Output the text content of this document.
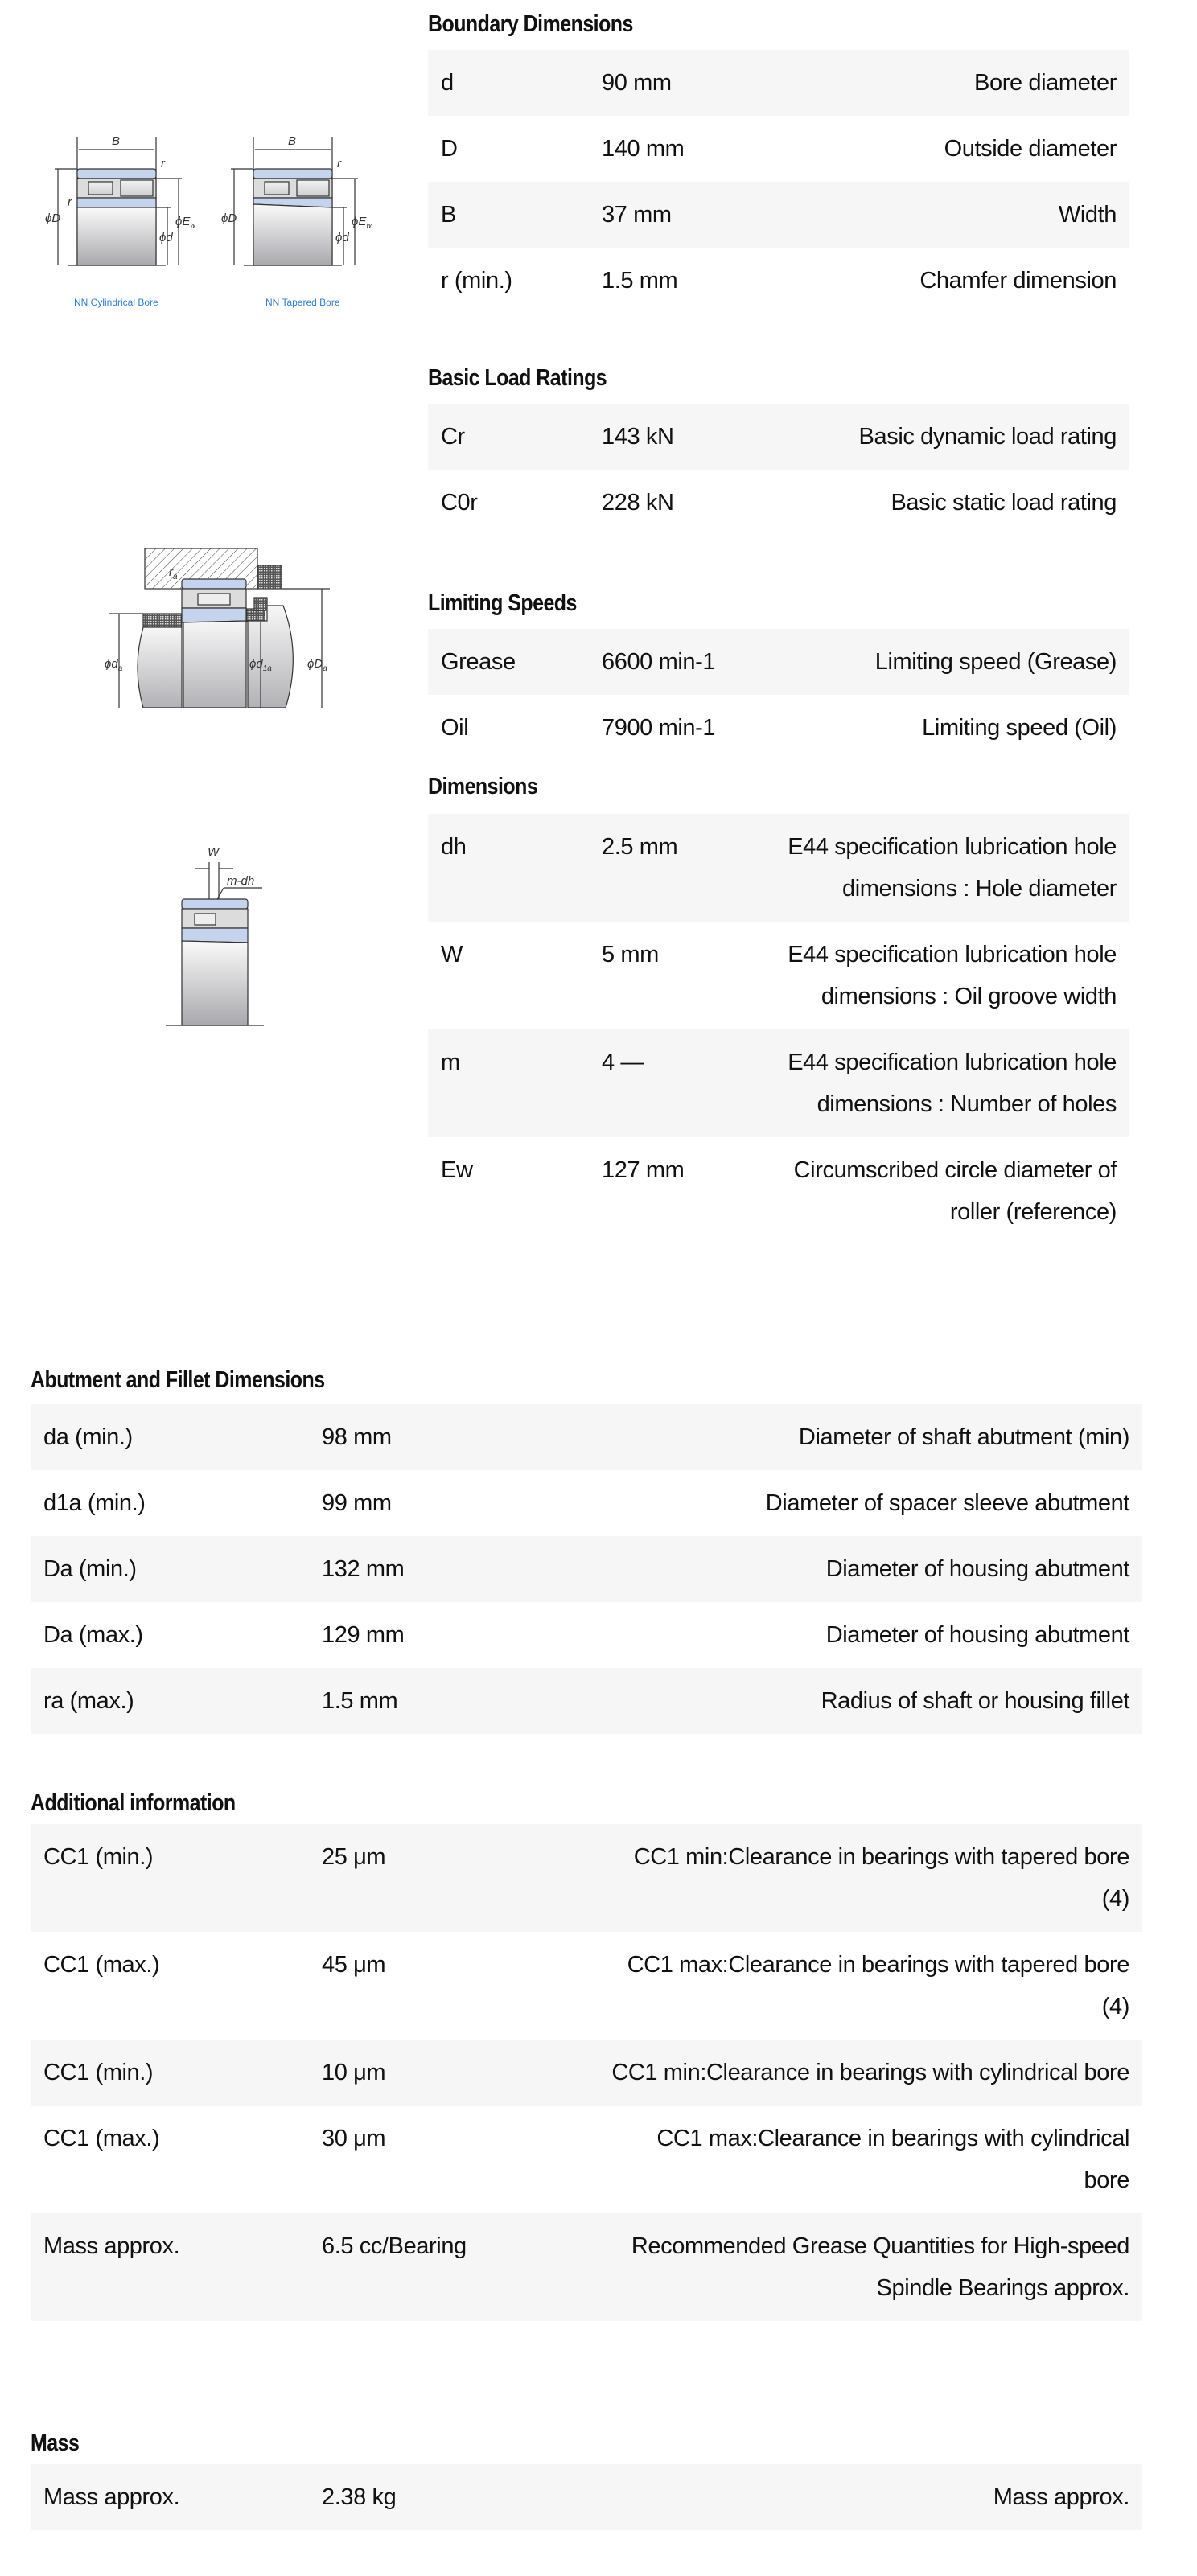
B
r
r
ϕD	$\phi E_w$
ϕd
NN Cylindrical Bore
B
r
ϕD	$\phi E_w$
ϕd
NN Tapered Bore
$r_a$
$\phi d_a$	$\phi d_{1a}$	$\phi D_a$
W
m-dh
Boundary Dimensions
d	90 mm	Bore diameter
D	140 mm	Outside diameter
B	37 mm	Width
r (min.)	1.5 mm	Chamfer dimension
Basic Load Ratings
Cr	143 kN	Basic dynamic load rating
C0r	228 kN	Basic static load rating
Limiting Speeds
Grease	6600 min-1	Limiting speed (Grease)
Oil	7900 min-1	Limiting speed (Oil)
Dimensions
dh	2.5 mm	E44 specification lubrication hole dimensions : Hole diameter
W	5 mm	E44 specification lubrication hole dimensions : Oil groove width
m	4 —	E44 specification lubrication hole dimensions : Number of holes
Ew	127 mm	Circumscribed circle diameter of roller (reference)
Abutment and Fillet Dimensions
da (min.)	98 mm	Diameter of shaft abutment (min)
d1a (min.)	99 mm	Diameter of spacer sleeve abutment
Da (min.)	132 mm	Diameter of housing abutment
Da (max.)	129 mm	Diameter of housing abutment
ra (max.)	1.5 mm	Radius of shaft or housing fillet
Additional information
CC1 (min.)	25 μm	CC1 min:Clearance in bearings with tapered bore (4)
CC1 (max.)	45 μm	CC1 max:Clearance in bearings with tapered bore (4)
CC1 (min.)	10 μm	CC1 min:Clearance in bearings with cylindrical bore
CC1 (max.)	30 μm	CC1 max:Clearance in bearings with cylindrical bore
Mass approx.	6.5 cc/Bearing	Recommended Grease Quantities for High-speed Spindle Bearings approx.
Mass
Mass approx.	2.38 kg	Mass approx.
